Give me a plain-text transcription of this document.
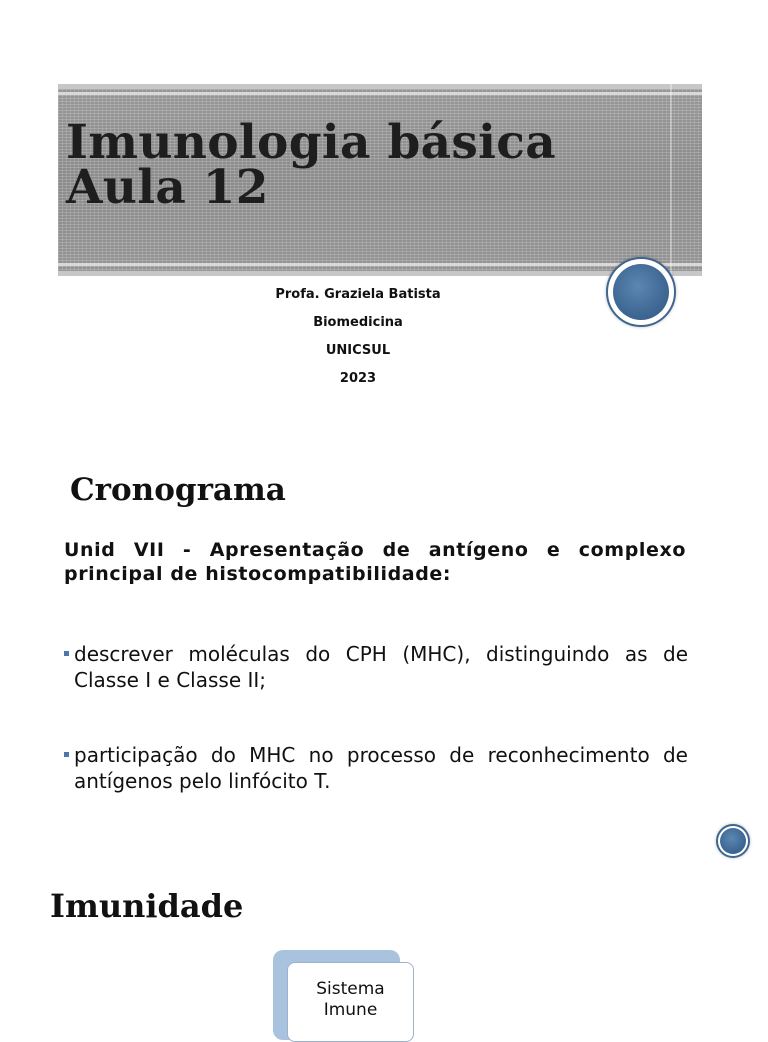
Imunologia básica
Aula 12
Profa. Graziela Batista
Biomedicina
UNICSUL
2023
Cronograma

Unid VII - Apresentação de antígeno e complexo principal de histocompatibilidade:

descrever moléculas do CPH (MHC), distinguindo as de Classe I e Classe II;

participação do MHC no processo de reconhecimento de antígenos pelo linfócito T.

Imunidade
Sistema
Imune
